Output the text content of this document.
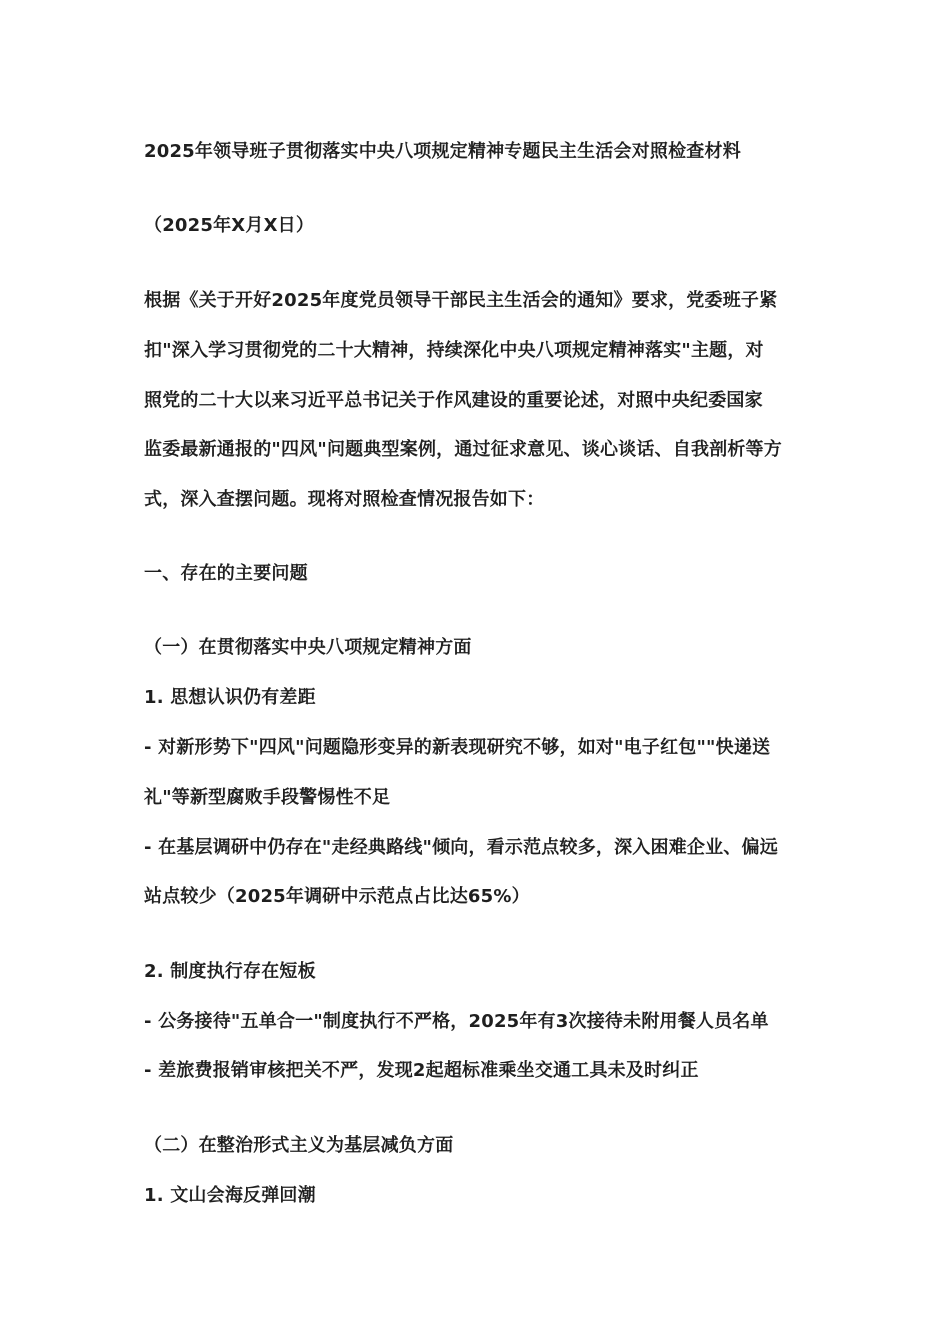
2025年领导班子贯彻落实中央八项规定精神专题民主生活会对照检查材料
（2025年X月X日）
根据《关于开好2025年度党员领导干部民主生活会的通知》要求，党委班子紧
扣"深入学习贯彻党的二十大精神，持续深化中央八项规定精神落实"主题，对
照党的二十大以来习近平总书记关于作风建设的重要论述，对照中央纪委国家
监委最新通报的"四风"问题典型案例，通过征求意见、谈心谈话、自我剖析等方
式，深入查摆问题。现将对照检查情况报告如下：
一、存在的主要问题
（一）在贯彻落实中央八项规定精神方面
1. 思想认识仍有差距
- 对新形势下"四风"问题隐形变异的新表现研究不够，如对"电子红包""快递送
礼"等新型腐败手段警惕性不足
- 在基层调研中仍存在"走经典路线"倾向，看示范点较多，深入困难企业、偏远
站点较少（2025年调研中示范点占比达65%）
2. 制度执行存在短板
- 公务接待"五单合一"制度执行不严格，2025年有3次接待未附用餐人员名单
- 差旅费报销审核把关不严，发现2起超标准乘坐交通工具未及时纠正
（二）在整治形式主义为基层减负方面
1. 文山会海反弹回潮
